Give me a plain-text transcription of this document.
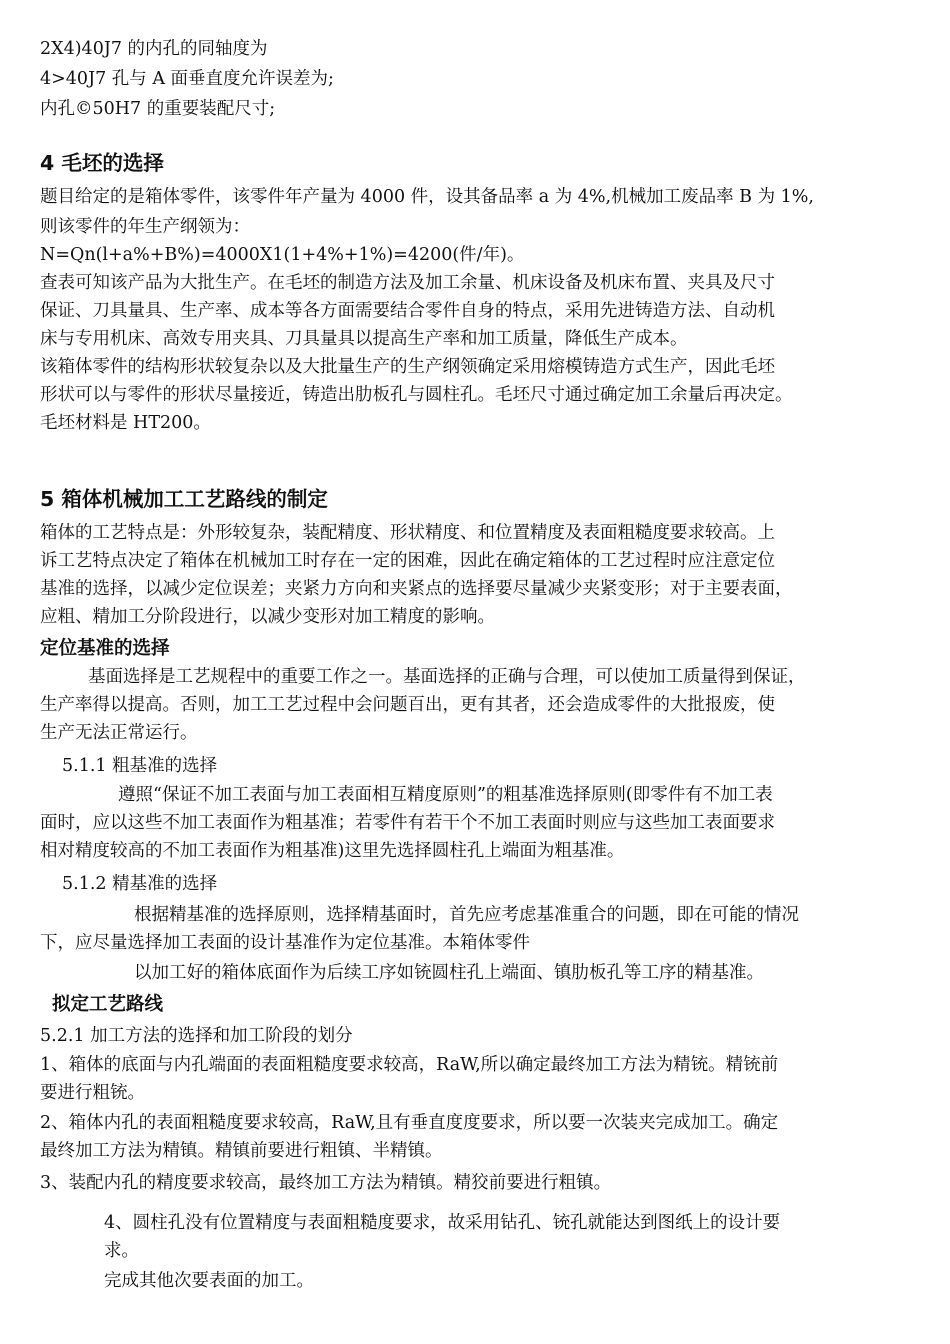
2X4)40J7 的内孔的同轴度为

4>40J7 孔与 A 面垂直度允许误差为;

内孔©50H7 的重要装配尺寸;

4 毛坯的选择

题目给定的是箱体零件，该零件年产量为 4000 件，设其备品率 a 为 4%,机械加工废品率 B 为 1%,

则该零件的年生产纲领为：

N=Qn(l+a%+B%)=4000X1(1+4%+1%)=4200(件/年)。

查表可知该产品为大批生产。在毛坯的制造方法及加工余量、机床设备及机床布置、夹具及尺寸

保证、刀具量具、生产率、成本等各方面需要结合零件自身的特点，采用先进铸造方法、自动机

床与专用机床、高效专用夹具、刀具量具以提高生产率和加工质量，降低生产成本。

该箱体零件的结构形状较复杂以及大批量生产的生产纲领确定采用熔模铸造方式生产，因此毛坯

形状可以与零件的形状尽量接近，铸造出肋板孔与圆柱孔。毛坯尺寸通过确定加工余量后再决定。

毛坯材料是 HT200。

5 箱体机械加工工艺路线的制定

箱体的工艺特点是：外形较复杂，装配精度、形状精度、和位置精度及表面粗糙度要求较高。上

诉工艺特点决定了箱体在机械加工时存在一定的困难，因此在确定箱体的工艺过程时应注意定位

基准的选择，以减少定位误差；夹紧力方向和夹紧点的选择要尽量减少夹紧变形；对于主要表面，

应粗、精加工分阶段进行，以减少变形对加工精度的影响。

定位基准的选择

基面选择是工艺规程中的重要工作之一。基面选择的正确与合理，可以使加工质量得到保证，

生产率得以提高。否则，加工工艺过程中会问题百出，更有其者，还会造成零件的大批报废，使

生产无法正常运行。

5.1.1 粗基准的选择

遵照“保证不加工表面与加工表面相互精度原则”的粗基准选择原则(即零件有不加工表

面时，应以这些不加工表面作为粗基准；若零件有若干个不加工表面时则应与这些加工表面要求

相对精度较高的不加工表面作为粗基准)这里先选择圆柱孔上端面为粗基准。

5.1.2 精基准的选择

根据精基准的选择原则，选择精基面时，首先应考虑基准重合的问题，即在可能的情况

下，应尽量选择加工表面的设计基准作为定位基准。本箱体零件

以加工好的箱体底面作为后续工序如铳圆柱孔上端面、镇肋板孔等工序的精基准。

拟定工艺路线

5.2.1 加工方法的选择和加工阶段的划分

1、箱体的底面与内孔端面的表面粗糙度要求较高，RaW,所以确定最终加工方法为精铳。精铳前

要进行粗铳。

2、箱体内孔的表面粗糙度要求较高，RaW,且有垂直度度要求，所以要一次装夹完成加工。确定

最终加工方法为精镇。精镇前要进行粗镇、半精镇。

3、装配内孔的精度要求较高，最终加工方法为精镇。精狡前要进行粗镇。

4、圆柱孔没有位置精度与表面粗糙度要求，故采用钻孔、铳孔就能达到图纸上的设计要

求。

完成其他次要表面的加工。
